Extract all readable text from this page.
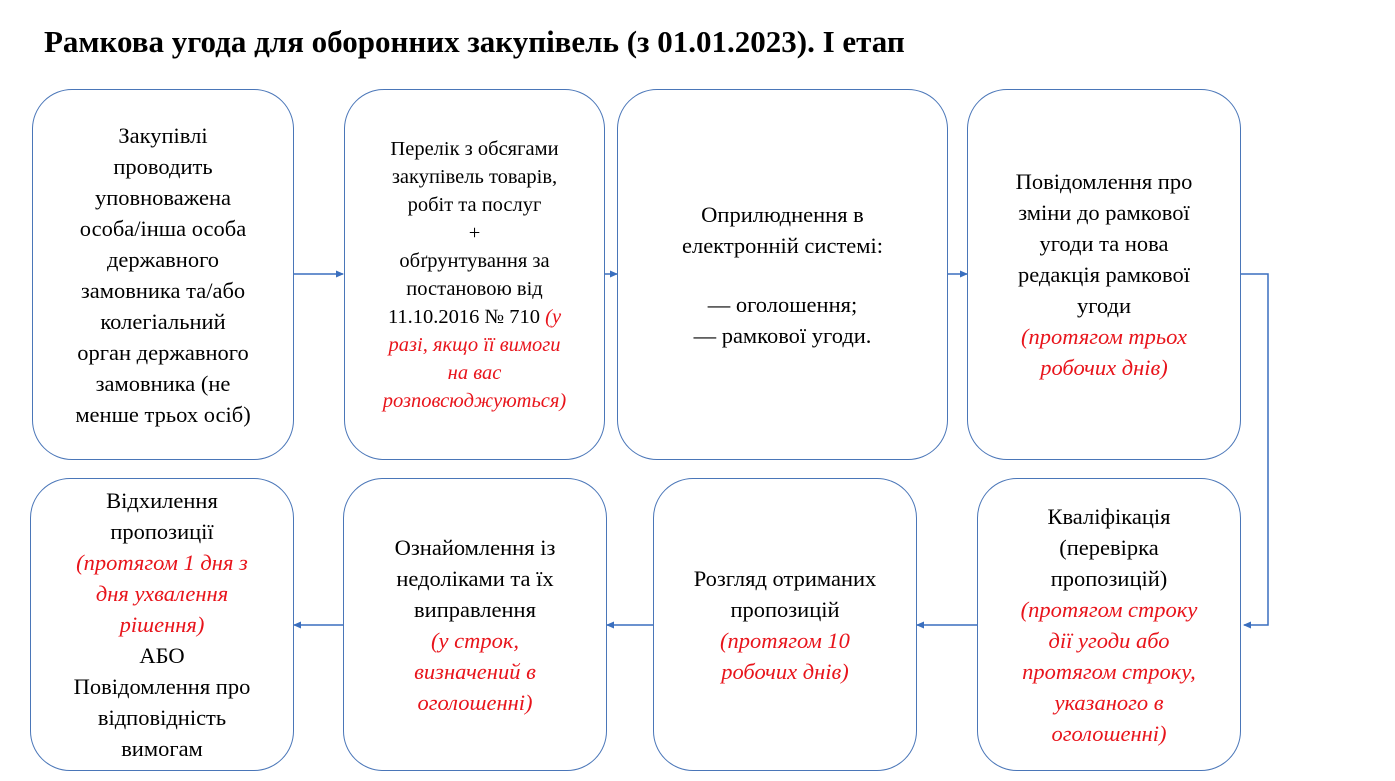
Рамкова угода для оборонних закупівель (з 01.01.2023). І етап
Закупівлі
проводить
уповноважена
особа/інша особа
державного
замовника та/або
колегіальний
орган державного
замовника (не
менше трьох осіб)
Перелік з обсягами
закупівель товарів,
робіт та послуг
+
обґрунтування за
постановою від
11.10.2016 № 710 (у
разі, якщо її вимоги
на вас
розповсюджуються)
Оприлюднення в
електронній системі:
— оголошення;
— рамкової угоди.
Повідомлення про
зміни до рамкової
угоди та нова
редакція рамкової
угоди
(протягом трьох
робочих днів)
Кваліфікація
(перевірка
пропозицій)
(протягом строку
дії угоди або
протягом строку,
указаного в
оголошенні)
Розгляд отриманих
пропозицій
(протягом 10
робочих днів)
Ознайомлення із
недоліками та їх
виправлення
(у строк,
визначений в
оголошенні)
Відхилення
пропозиції
(протягом 1 дня з
дня ухвалення
рішення)
АБО
Повідомлення про
відповідність
вимогам
